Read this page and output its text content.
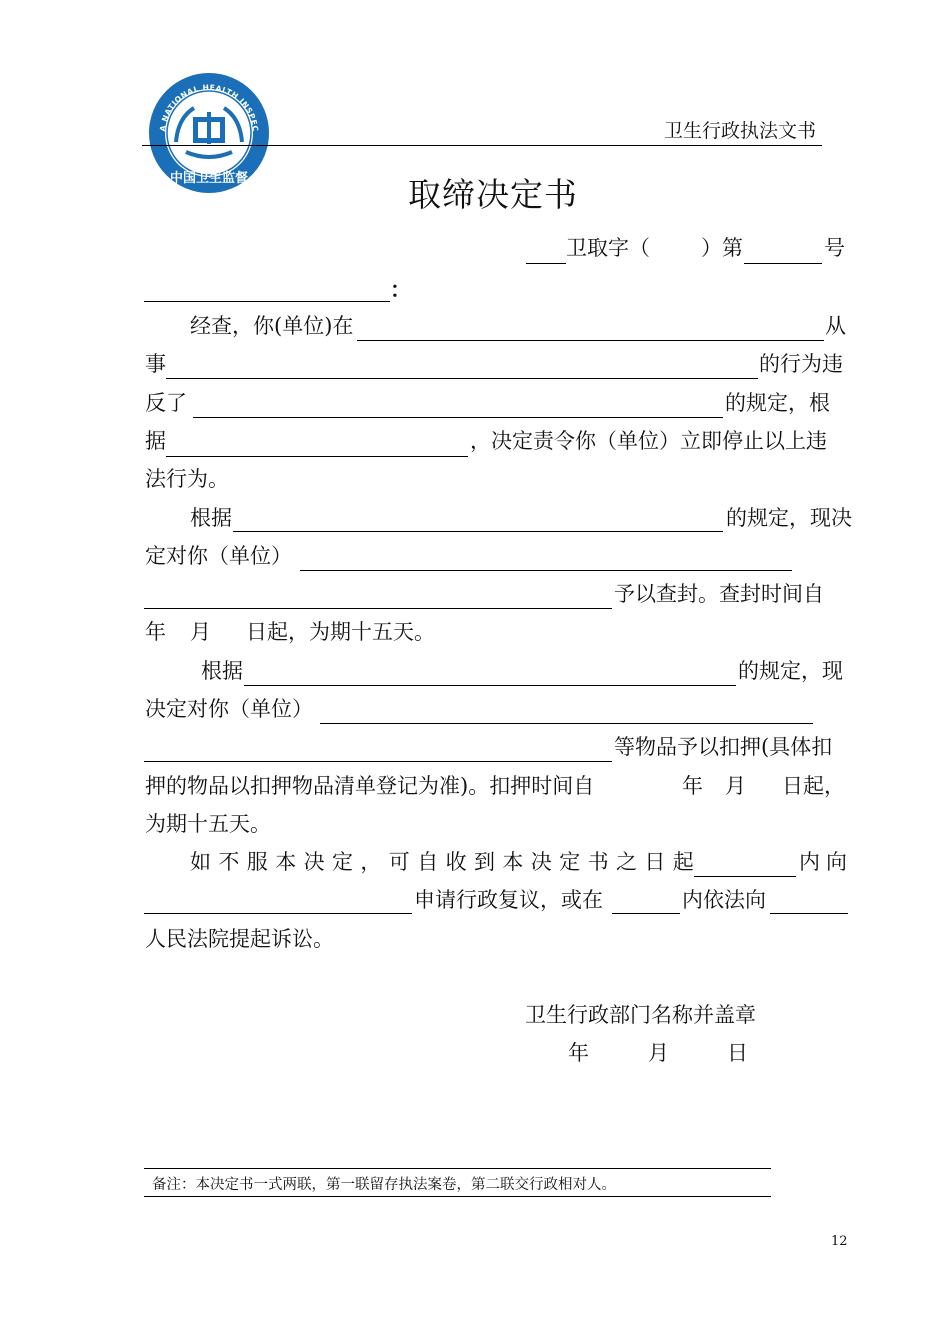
A NATIONAL HEALTH INSPEC
中国卫生监督
卫生行政执法文书
取缔决定书
卫取字（ ）第	号
：
经查，你(单位)在	从
事	的行为违
反了	的规定，根
据	，决定责令你（单位）立即停止以上违
法行为。
根据	的规定，现决
定对你（单位）
予以查封。查封时间自
年 月 日起，为期十五天。
根据	的规定，现
决定对你（单位）
等物品予以扣押(具体扣
押的物品以扣押物品清单登记为准)。扣押时间自	年 月 日起，
为期十五天。
如不服本决定，可自收到本决定书之日起	内向
申请行政复议，或在	内依法向
人民法院提起诉讼。
卫生行政部门名称并盖章
年	月	日
备注：本决定书一式两联，第一联留存执法案卷，第二联交行政相对人。
12
